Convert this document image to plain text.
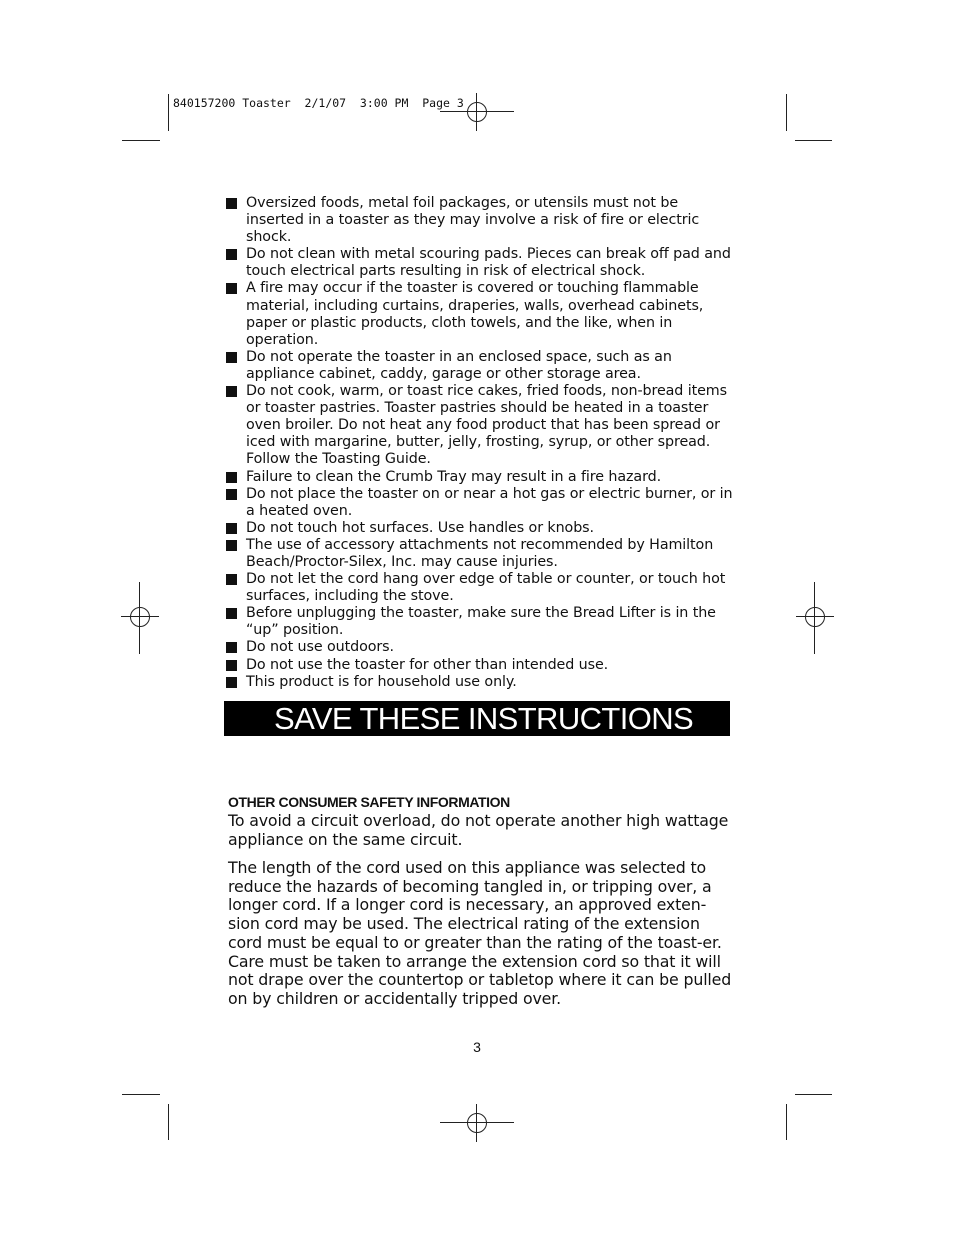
840157200 Toaster  2/1/07  3:00 PM  Page 3
Oversized foods, metal foil packages, or utensils must not be inserted in a toaster as they may involve a risk of fire or electric shock.
Do not clean with metal scouring pads. Pieces can break off pad and touch electrical parts resulting in risk of electrical shock.
A fire may occur if the toaster is covered or touching flammable material, including curtains, draperies, walls, overhead cabinets, paper or plastic products, cloth towels, and the like, when in operation.
Do not operate the toaster in an enclosed space, such as an appliance cabinet, caddy, garage or other storage area.
Do not cook, warm, or toast rice cakes, fried foods, non-bread items or toaster pastries. Toaster pastries should be heated in a toaster oven broiler. Do not heat any food product that has been spread or iced with margarine, butter, jelly, frosting, syrup, or other spread. Follow the Toasting Guide.
Failure to clean the Crumb Tray may result in a fire hazard.
Do not place the toaster on or near a hot gas or electric burner, or in a heated oven.
Do not touch hot surfaces. Use handles or knobs.
The use of accessory attachments not recommended by Hamilton Beach/Proctor-Silex, Inc. may cause injuries.
Do not let the cord hang over edge of table or counter, or touch hot surfaces, including the stove.
Before unplugging the toaster, make sure the Bread Lifter is in the “up” position.
Do not use outdoors.
Do not use the toaster for other than intended use.
This product is for household use only.
SAVE THESE INSTRUCTIONS
OTHER CONSUMER SAFETY INFORMATION

To avoid a circuit overload, do not operate another high wattage appliance on the same circuit.

The length of the cord used on this appliance was selected to reduce the hazards of becoming tangled in, or tripping over, a longer cord. If a longer cord is necessary, an approved exten-sion cord may be used. The electrical rating of the extension cord must be equal to or greater than the rating of the toast-er. Care must be taken to arrange the extension cord so that it will not drape over the countertop or tabletop where it can be pulled on by children or accidentally tripped over.

3
